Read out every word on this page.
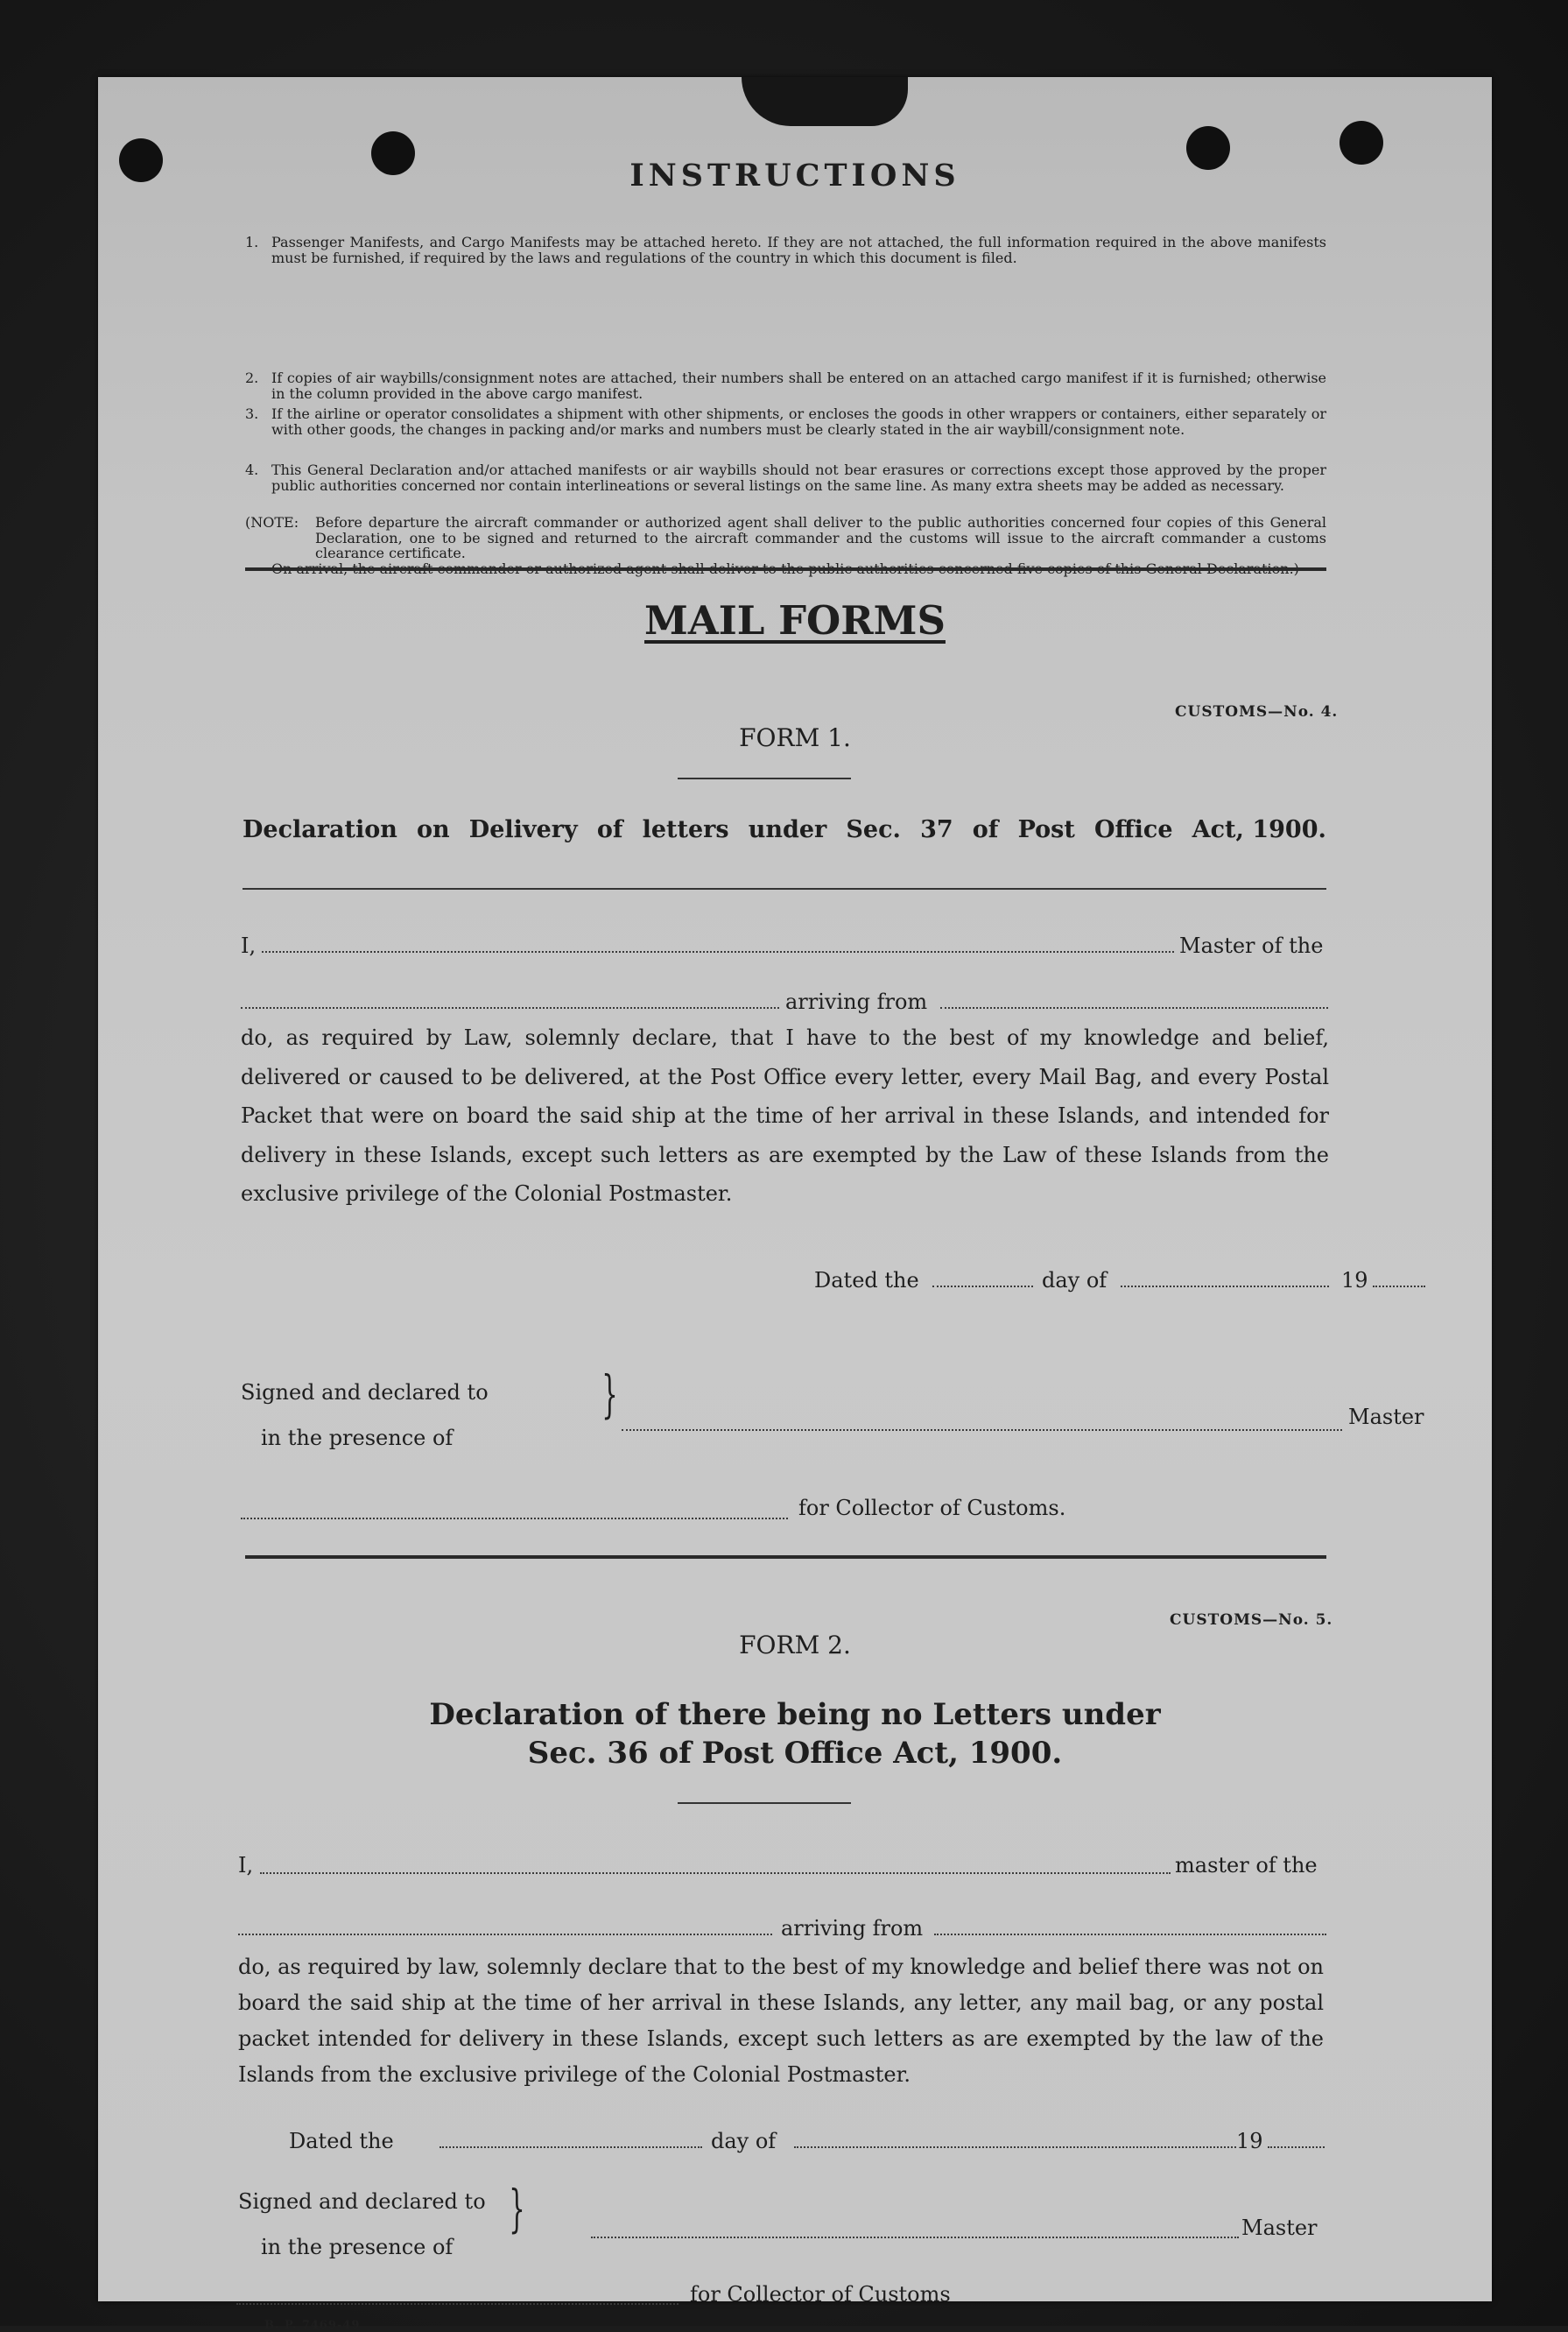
INSTRUCTIONS
1. Passenger Manifests, and Cargo Manifests may be attached hereto. If they are not attached, the full information required in the above manifests must be furnished, if required by the laws and regulations of the country in which this document is filed.
2. If copies of air waybills/consignment notes are attached, their numbers shall be entered on an attached cargo manifest if it is furnished; otherwise in the column provided in the above cargo manifest.
3. If the airline or operator consolidates a shipment with other shipments, or encloses the goods in other wrappers or containers, either separately or with other goods, the changes in packing and/or marks and numbers must be clearly stated in the air waybill/consignment note.
4. This General Declaration and/or attached manifests or air waybills should not bear erasures or corrections except those approved by the proper public authorities concerned nor contain interlineations or several listings on the same line. As many extra sheets may be added as necessary.
(NOTE: Before departure the aircraft commander or authorized agent shall deliver to the public authorities concerned four copies of this General Declaration, one to be signed and returned to the aircraft commander and the customs will issue to the aircraft commander a customs clearance certificate.
On arrival, the aircraft commander or authorized agent shall deliver to the public authorities concerned five copies of this General Declaration.)
MAIL FORMS
CUSTOMS—No. 4.
FORM 1.
Declaration on Delivery of letters under Sec. 37 of Post Office Act, 1900.
I,	Master of the
arriving from
do, as required by Law, solemnly declare, that I have to the best of my knowledge and belief, delivered or caused to be delivered, at the Post Office every letter, every Mail Bag, and every Postal Packet that were on board the said ship at the time of her arrival in these Islands, and intended for delivery in these Islands, except such letters as are exempted by the Law of these Islands from the exclusive privilege of the Colonial Postmaster.
Dated the	day of	19
Signed and declared to
in the presence of
}	Master
for Collector of Customs.
CUSTOMS—No. 5.
FORM 2.
Declaration of there being no Letters under
Sec. 36 of Post Office Act, 1900.
I,	master of the
arriving from
do, as required by law, solemnly declare that to the best of my knowledge and belief there was not on board the said ship at the time of her arrival in these Islands, any letter, any mail bag, or any postal packet intended for delivery in these Islands, except such letters as are exempted by the law of the Islands from the exclusive privilege of the Colonial Postmaster.
Dated the	day of	19
Signed and declared to
in the presence of
}	Master
for Collector of Customs
B. P. 7469-49
